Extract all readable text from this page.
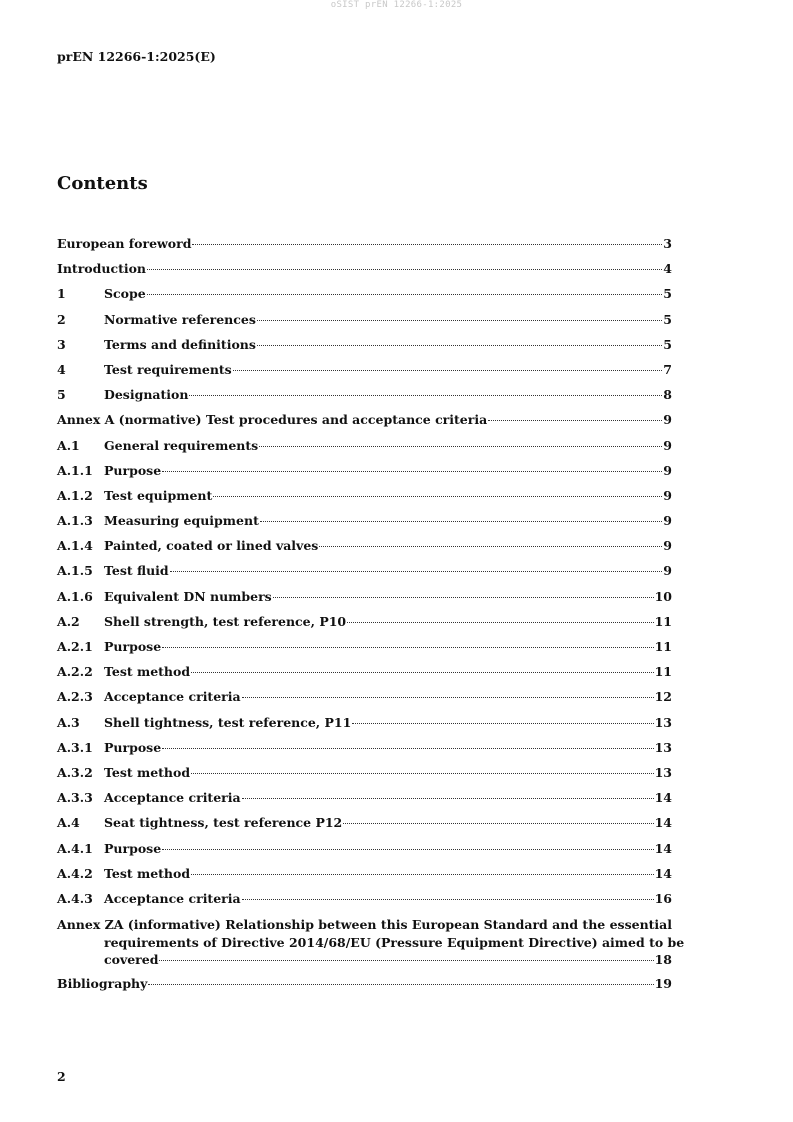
oSIST prEN 12266-1:2025
prEN 12266-1:2025(E)
Contents
European foreword	3
Introduction	4
1	Scope	5
2	Normative references	5
3	Terms and definitions	5
4	Test requirements	7
5	Designation	8
Annex A (normative) Test procedures and acceptance criteria	9
A.1	General requirements	9
A.1.1 Purpose	9
A.1.2 Test equipment	9
A.1.3 Measuring equipment	9
A.1.4 Painted, coated or lined valves	9
A.1.5 Test fluid	9
A.1.6 Equivalent DN numbers	10
A.2	Shell strength, test reference, P10	11
A.2.1 Purpose	11
A.2.2 Test method	11
A.2.3 Acceptance criteria	12
A.3	Shell tightness, test reference, P11	13
A.3.1 Purpose	13
A.3.2 Test method	13
A.3.3 Acceptance criteria	14
A.4	Seat tightness, test reference P12	14
A.4.1 Purpose	14
A.4.2 Test method	14
A.4.3 Acceptance criteria	16
Annex ZA (informative) Relationship between this European Standard and the essential
requirements of Directive 2014/68/EU (Pressure Equipment Directive) aimed to be
covered	18
Bibliography	19
2
